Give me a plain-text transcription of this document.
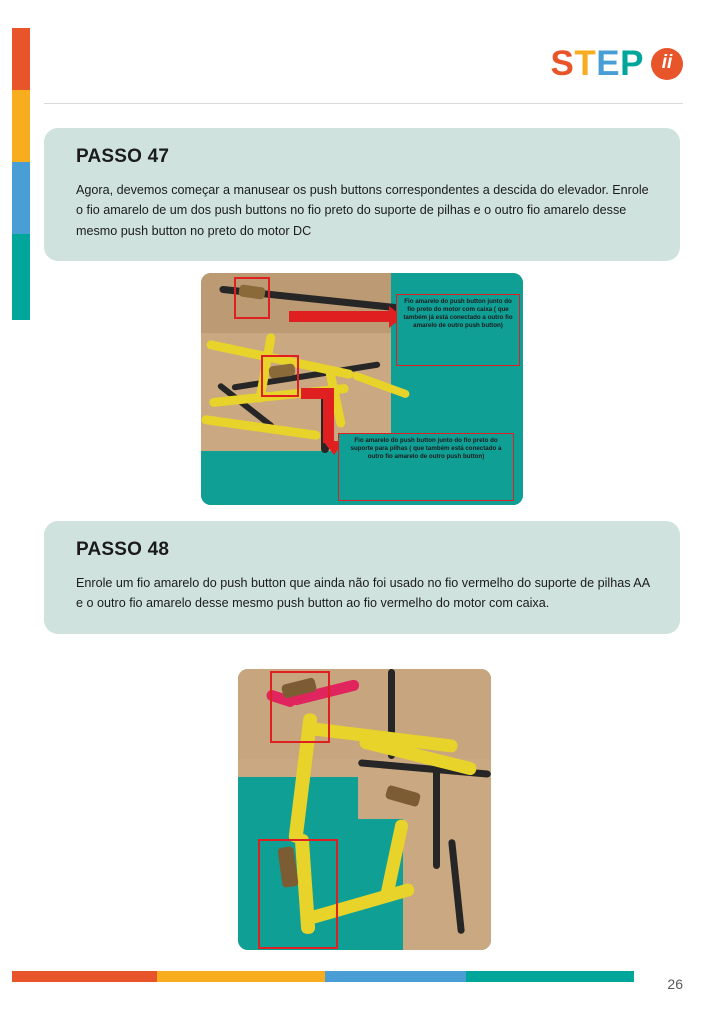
STEP ii
PASSO 47
Agora, devemos começar a manusear os push buttons correspondentes a descida do elevador. Enrole o fio amarelo de um dos push buttons no fio preto do suporte de pilhas e o outro fio amarelo desse mesmo push button no preto do motor DC
Fio amarelo do push button junto do fio preto do motor com caixa ( que também já está conectado a outro fio amarelo de outro push button)
Fio amarelo do push button junto do fio preto do suporte para pilhas ( que também está conectado a outro fio amarelo de outro push button)
PASSO 48
Enrole um fio amarelo do push button que ainda não foi usado no fio vermelho do suporte de pilhas AA e o outro fio amarelo desse mesmo push button ao fio vermelho do motor com caixa.
26
